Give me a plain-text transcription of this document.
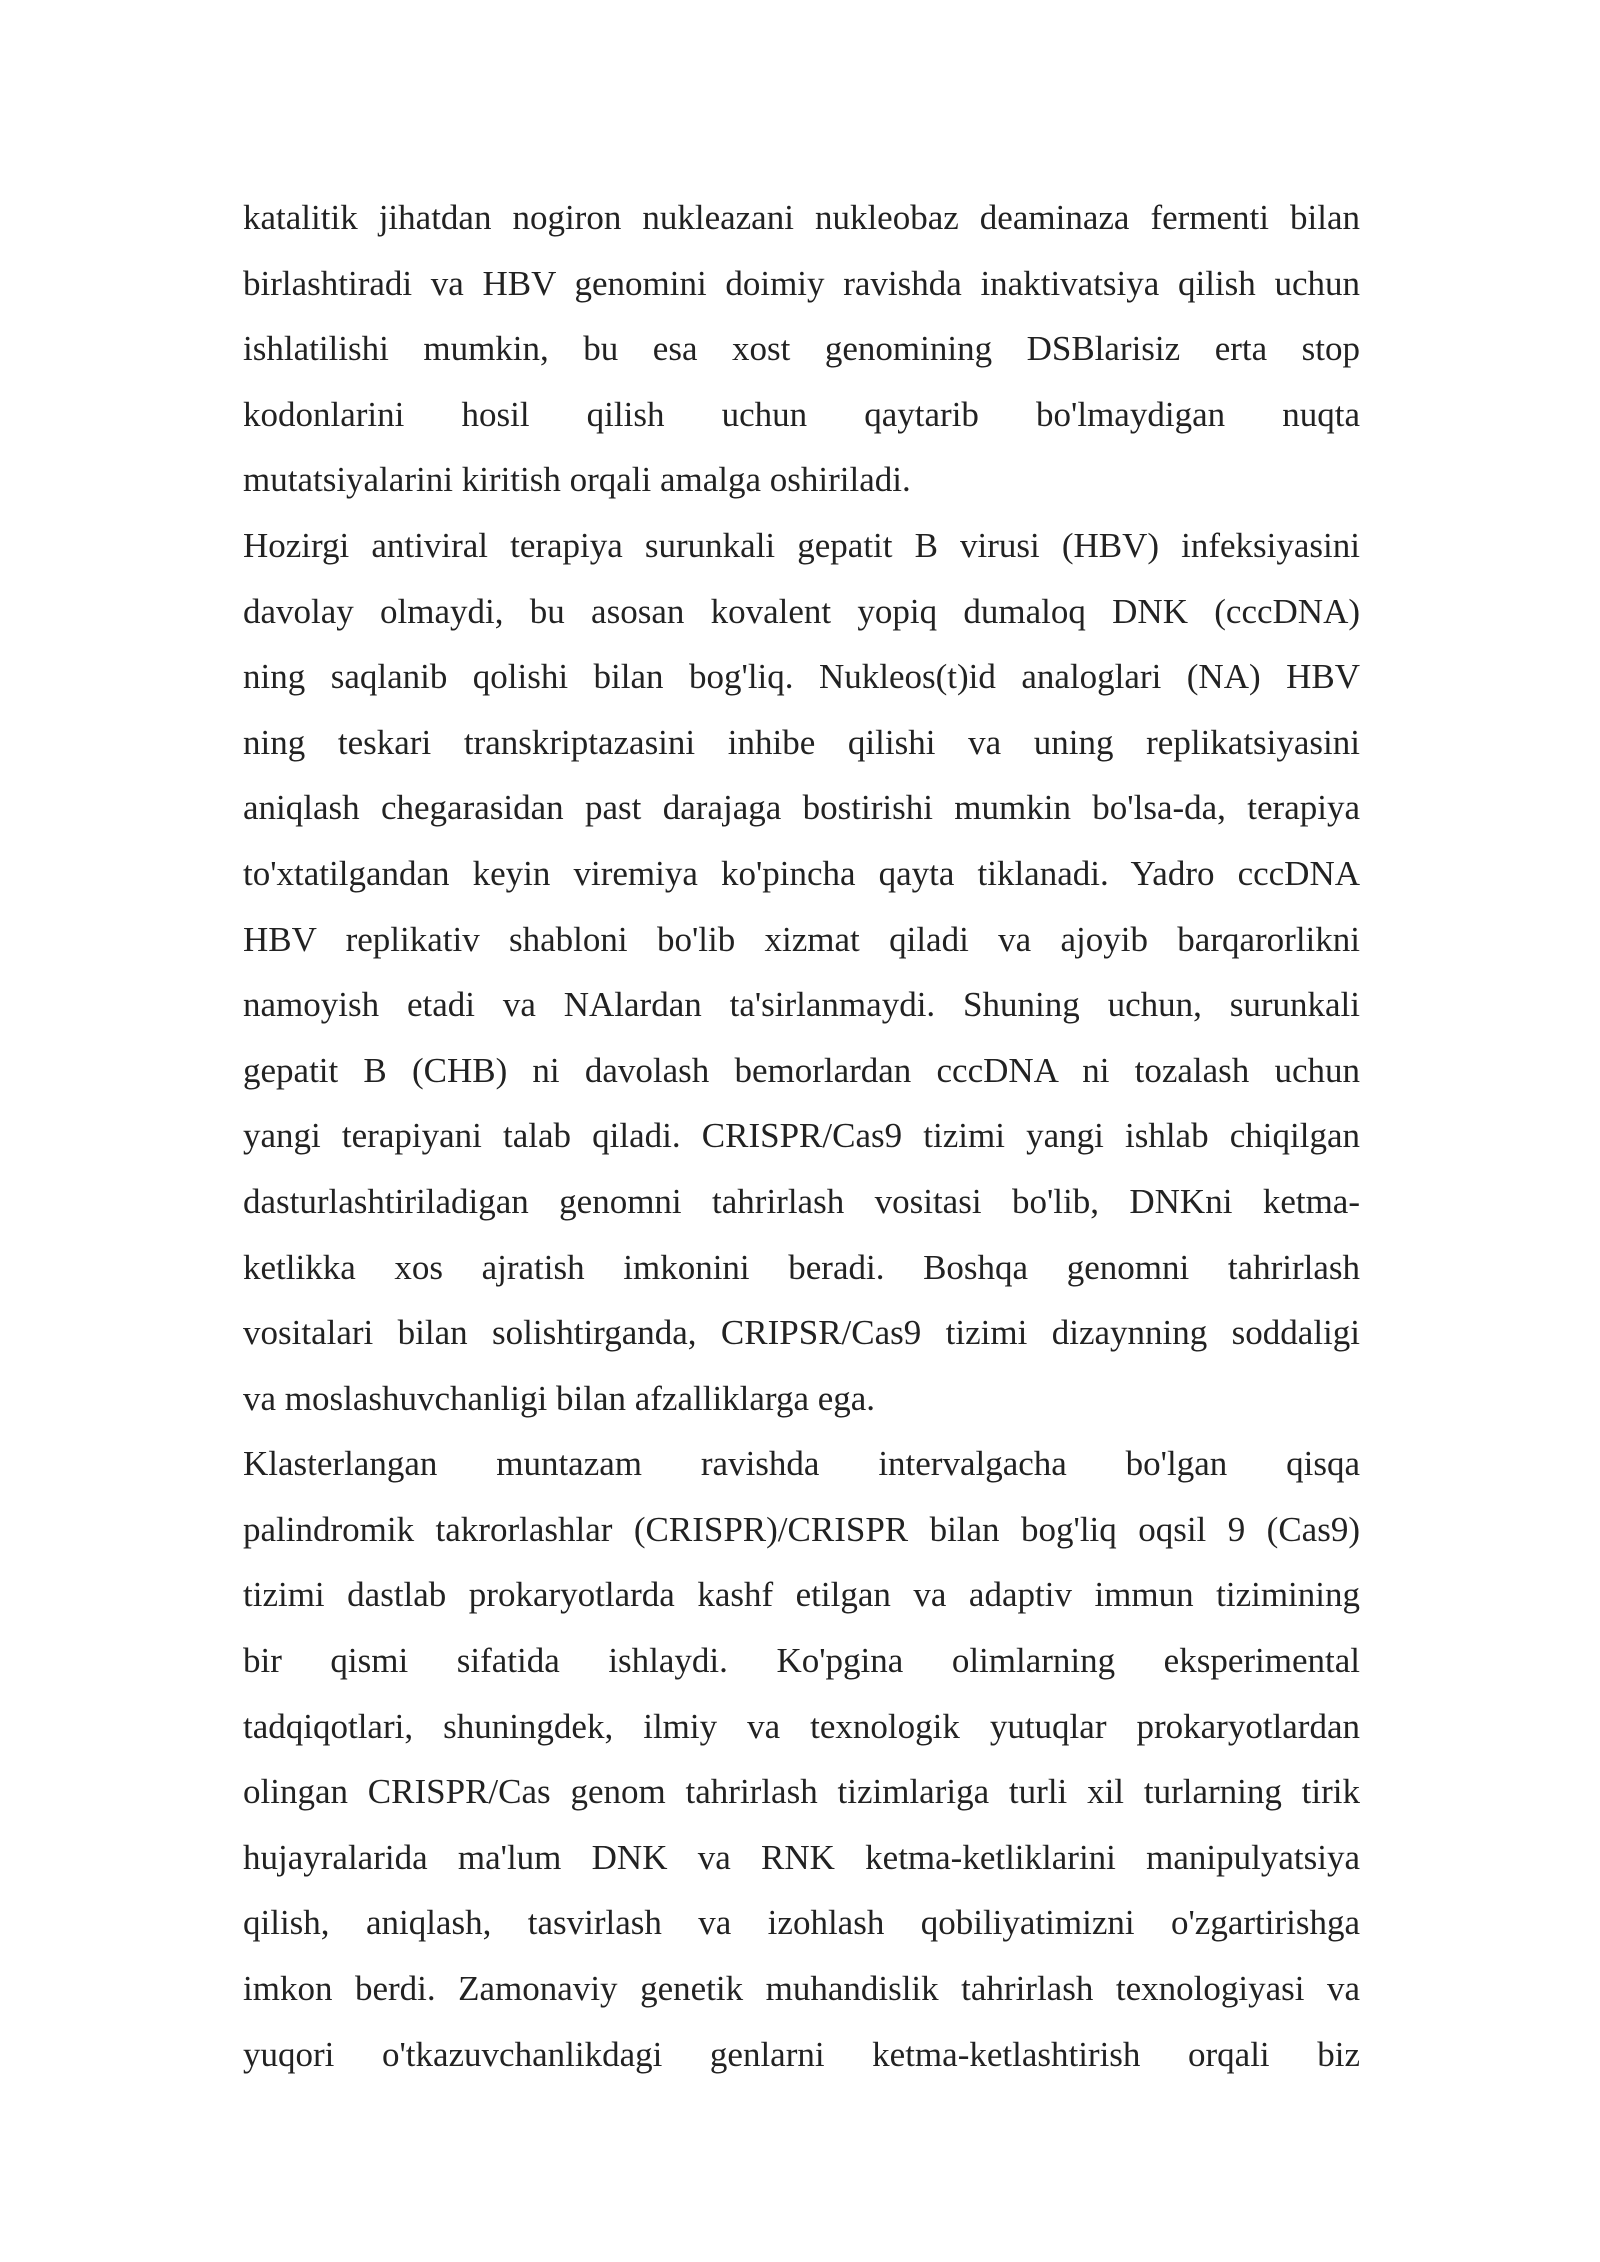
katalitik jihatdan nogiron nukleazani nukleobaz deaminaza fermenti bilan
birlashtiradi va HBV genomini doimiy ravishda inaktivatsiya qilish uchun
ishlatilishi mumkin, bu esa xost genomining DSBlarisiz erta stop
kodonlarini hosil qilish uchun qaytarib bo'lmaydigan nuqta
mutatsiyalarini kiritish orqali amalga oshiriladi.
Hozirgi antiviral terapiya surunkali gepatit B virusi (HBV) infeksiyasini
davolay olmaydi, bu asosan kovalent yopiq dumaloq DNK (cccDNA)
ning saqlanib qolishi bilan bog'liq. Nukleos(t)id analoglari (NA) HBV
ning teskari transkriptazasini inhibe qilishi va uning replikatsiyasini
aniqlash chegarasidan past darajaga bostirishi mumkin bo'lsa-da, terapiya
to'xtatilgandan keyin viremiya ko'pincha qayta tiklanadi. Yadro cccDNA
HBV replikativ shabloni bo'lib xizmat qiladi va ajoyib barqarorlikni
namoyish etadi va NAlardan ta'sirlanmaydi. Shuning uchun, surunkali
gepatit B (CHB) ni davolash bemorlardan cccDNA ni tozalash uchun
yangi terapiyani talab qiladi. CRISPR/Cas9 tizimi yangi ishlab chiqilgan
dasturlashtiriladigan genomni tahrirlash vositasi bo'lib, DNKni ketma-
ketlikka xos ajratish imkonini beradi. Boshqa genomni tahrirlash
vositalari bilan solishtirganda, CRIPSR/Cas9 tizimi dizaynning soddaligi
va moslashuvchanligi bilan afzalliklarga ega.
Klasterlangan muntazam ravishda intervalgacha bo'lgan qisqa
palindromik takrorlashlar (CRISPR)/CRISPR bilan bog'liq oqsil 9 (Cas9)
tizimi dastlab prokaryotlarda kashf etilgan va adaptiv immun tizimining
bir qismi sifatida ishlaydi. Ko'pgina olimlarning eksperimental
tadqiqotlari, shuningdek, ilmiy va texnologik yutuqlar prokaryotlardan
olingan CRISPR/Cas genom tahrirlash tizimlariga turli xil turlarning tirik
hujayralarida ma'lum DNK va RNK ketma-ketliklarini manipulyatsiya
qilish, aniqlash, tasvirlash va izohlash qobiliyatimizni o'zgartirishga
imkon berdi. Zamonaviy genetik muhandislik tahrirlash texnologiyasi va
yuqori o'tkazuvchanlikdagi genlarni ketma-ketlashtirish orqali biz
